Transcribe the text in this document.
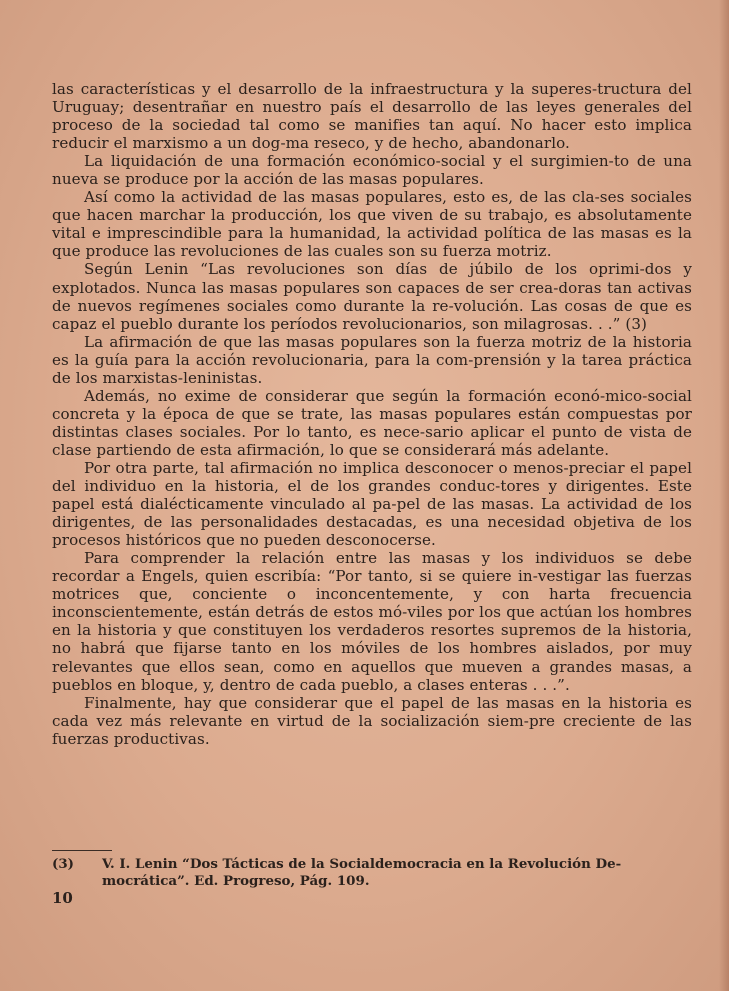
las características y el desarrollo de la infraestructura y la superes-tructura del Uruguay; desentrañar en nuestro país el desarrollo de las leyes generales del proceso de la sociedad tal como se manifies tan aquí. No hacer esto implica reducir el marxismo a un dog-ma reseco, y de hecho, abandonarlo.

La liquidación de una formación económico-social y el surgimien-to de una nueva se produce por la acción de las masas populares.

Así como la actividad de las masas populares, esto es, de las cla-ses sociales que hacen marchar la producción, los que viven de su trabajo, es absolutamente vital e imprescindible para la humanidad, la actividad política de las masas es la que produce las revoluciones de las cuales son su fuerza motriz.

Según Lenin “Las revoluciones son días de júbilo de los oprimi-dos y explotados. Nunca las masas populares son capaces de ser crea-doras tan activas de nuevos regímenes sociales como durante la re-volución. Las cosas de que es capaz el pueblo durante los períodos revolucionarios, son milagrosas. . .” (3)

La afirmación de que las masas populares son la fuerza motriz de la historia es la guía para la acción revolucionaria, para la com-prensión y la tarea práctica de los marxistas-leninistas.

Además, no exime de considerar que según la formación econó-mico-social concreta y la época de que se trate, las masas populares están compuestas por distintas clases sociales. Por lo tanto, es nece-sario aplicar el punto de vista de clase partiendo de esta afirmación, lo que se considerará más adelante.

Por otra parte, tal afirmación no implica desconocer o menos-preciar el papel del individuo en la historia, el de los grandes conduc-tores y dirigentes. Este papel está dialécticamente vinculado al pa-pel de las masas. La actividad de los dirigentes, de las personalidades destacadas, es una necesidad objetiva de los procesos históricos que no pueden desconocerse.

Para comprender la relación entre las masas y los individuos se debe recordar a Engels, quien escribía: “Por tanto, si se quiere in-vestigar las fuerzas motrices que, conciente o inconcentemente, y con harta frecuencia inconscientemente, están detrás de estos mó-viles por los que actúan los hombres en la historia y que constituyen los verdaderos resortes supremos de la historia, no habrá que fijarse tanto en los móviles de los hombres aislados, por muy relevantes que ellos sean, como en aquellos que mueven a grandes masas, a pueblos en bloque, y, dentro de cada pueblo, a clases enteras . . .”.

Finalmente, hay que considerar que el papel de las masas en la historia es cada vez más relevante en virtud de la socialización siem-pre creciente de las fuerzas productivas.

(3) V. I. Lenin “Dos Tácticas de la Socialdemocracia en la Revolución De-
mocrática”. Ed. Progreso, Pág. 109.
10
